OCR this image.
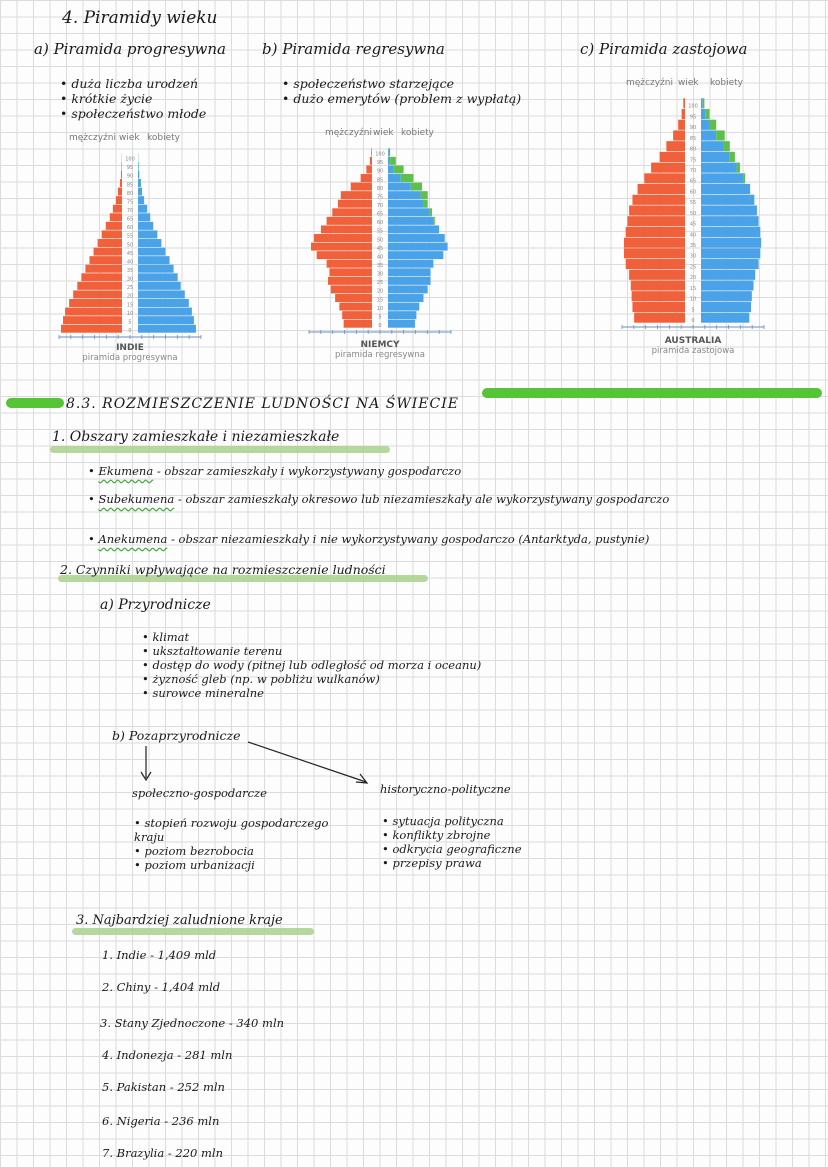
4. Piramidy wieku
a) Piramida progresywna
• duża liczba urodzeń
• krótkie życie
• społeczeństwo młode
b) Piramida regresywna
• społeczeństwo starzejące
• dużo emerytów (problem z wypłatą)
c) Piramida zastojowa
mężczyźni wiek kobiety
0
5
10
15
20
25
30
35
40
45
50
55
60
65
70
75
80
85
90
95
100
INDIE
piramida progresywna
mężczyźni wiek kobiety
0
5
10
15
20
25
30
35
40
45
50
55
60
65
70
75
80
85
90
95
100
NIEMCY
piramida regresywna
mężczyźni wiek kobiety
0
5
10
15
20
25
30
35
40
45
50
55
60
65
70
75
80
85
90
95
100
AUSTRALIA
piramida zastojowa
8.3. ROZMIESZCZENIE LUDNOŚCI NA ŚWIECIE
1. Obszary zamieszkałe i niezamieszkałe
• Ekumena - obszar zamieszkały i wykorzystywany gospodarczo
• Subekumena - obszar zamieszkały okresowo lub niezamieszkały ale wykorzystywany gospodarczo
• Anekumena - obszar niezamieszkały i nie wykorzystywany gospodarczo (Antarktyda, pustynie)
2. Czynniki wpływające na rozmieszczenie ludności
a) Przyrodnicze
• klimat
• ukształtowanie terenu
• dostęp do wody (pitnej lub odległość od morza i oceanu)
• żyzność gleb (np. w pobliżu wulkanów)
• surowce mineralne
b) Pozaprzyrodnicze
społeczno-gospodarcze
• stopień rozwoju gospodarczego kraju
• poziom bezrobocia
• poziom urbanizacji
historyczno-polityczne
• sytuacja polityczna
• konflikty zbrojne
• odkrycia geograficzne
• przepisy prawa
3. Najbardziej zaludnione kraje
1. Indie - 1,409 mld
2. Chiny - 1,404 mld
3. Stany Zjednoczone - 340 mln
4. Indonezja - 281 mln
5. Pakistan - 252 mln
6. Nigeria - 236 mln
7. Brazylia - 220 mln
